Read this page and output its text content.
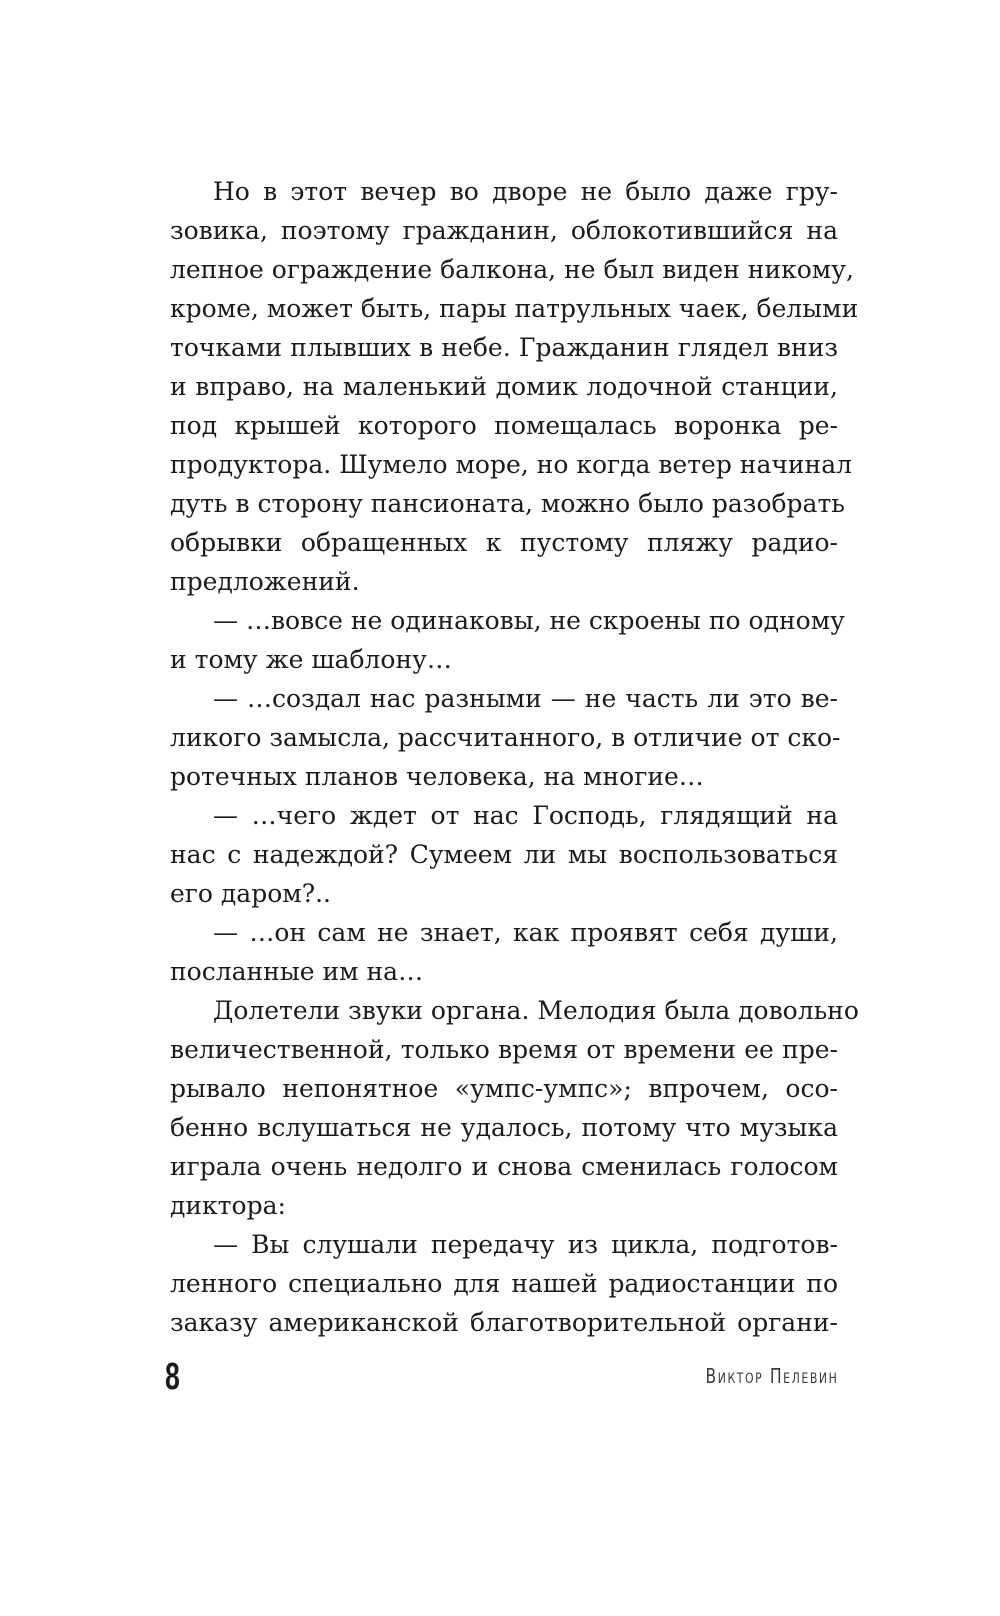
Но в этот вечер во дворе не было даже гру-
зовика, поэтому гражданин, облокотившийся на
лепное ограждение балкона, не был виден никому,
кроме, может быть, пары патрульных чаек, белыми
точками плывших в небе. Гражданин глядел вниз
и вправо, на маленький домик лодочной станции,
под крышей которого помещалась воронка ре-
продуктора. Шумело море, но когда ветер начинал
дуть в сторону пансионата, можно было разобрать
обрывки обращенных к пустому пляжу радио-
предложений.
— …вовсе не одинаковы, не скроены по одному
и тому же шаблону…
— …создал нас разными — не часть ли это ве-
ликого замысла, рассчитанного, в отличие от ско-
ротечных планов человека, на многие…
— …чего ждет от нас Господь, глядящий на
нас с надеждой? Сумеем ли мы воспользоваться
его даром?..
— …он сам не знает, как проявят себя души,
посланные им на…
Долетели звуки органа. Мелодия была довольно
величественной, только время от времени ее пре-
рывало непонятное «умпс-умпс»; впрочем, осо-
бенно вслушаться не удалось, потому что музыка
играла очень недолго и снова сменилась голосом
диктора:
— Вы слушали передачу из цикла, подготов-
ленного специально для нашей радиостанции по
заказу американской благотворительной органи-
8	Виктор Пелевин
